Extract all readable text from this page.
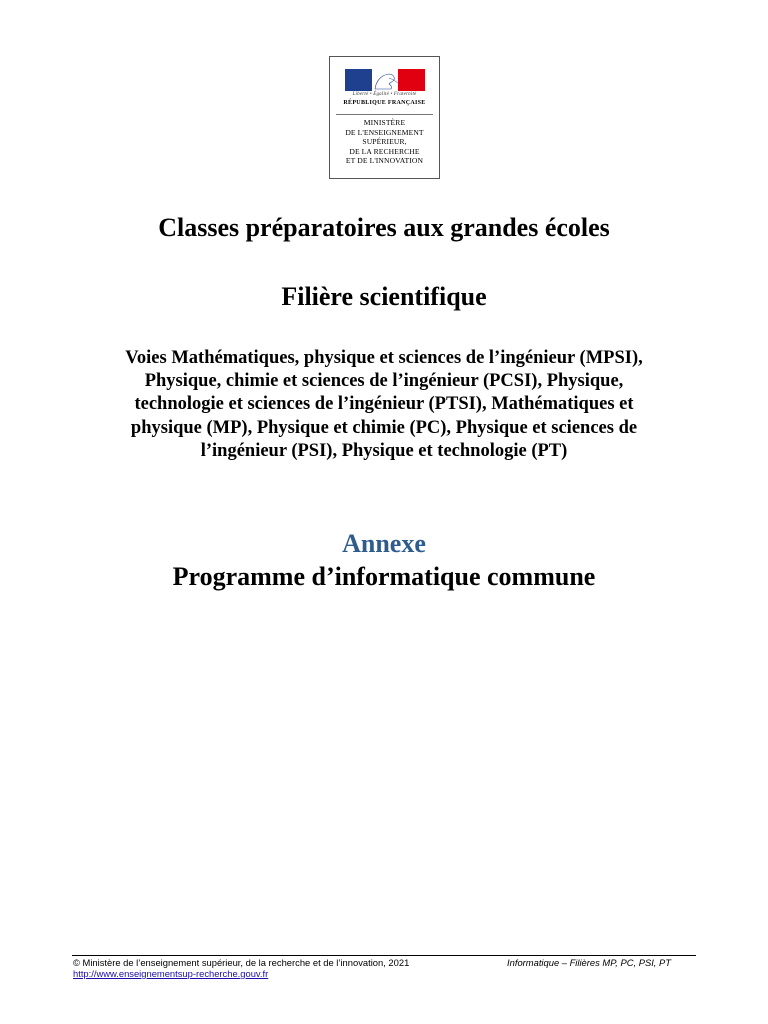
Liberté • Égalité • Fraternité
RÉPUBLIQUE FRANÇAISE
MINISTÈRE
DE L'ENSEIGNEMENT
SUPÉRIEUR,
DE LA RECHERCHE
ET DE L'INNOVATION
Classes préparatoires aux grandes écoles
Filière scientifique
Voies Mathématiques, physique et sciences de l’ingénieur (MPSI),
Physique, chimie et sciences de l’ingénieur (PCSI), Physique,
technologie et sciences de l’ingénieur (PTSI), Mathématiques et
physique (MP), Physique et chimie (PC), Physique et sciences de
l’ingénieur (PSI), Physique et technologie (PT)
Annexe
Programme d’informatique commune
© Ministère de l’enseignement supérieur, de la recherche et de l’innovation, 2021
http://www.enseignementsup-recherche.gouv.fr
Informatique – Filières MP, PC, PSI, PT
